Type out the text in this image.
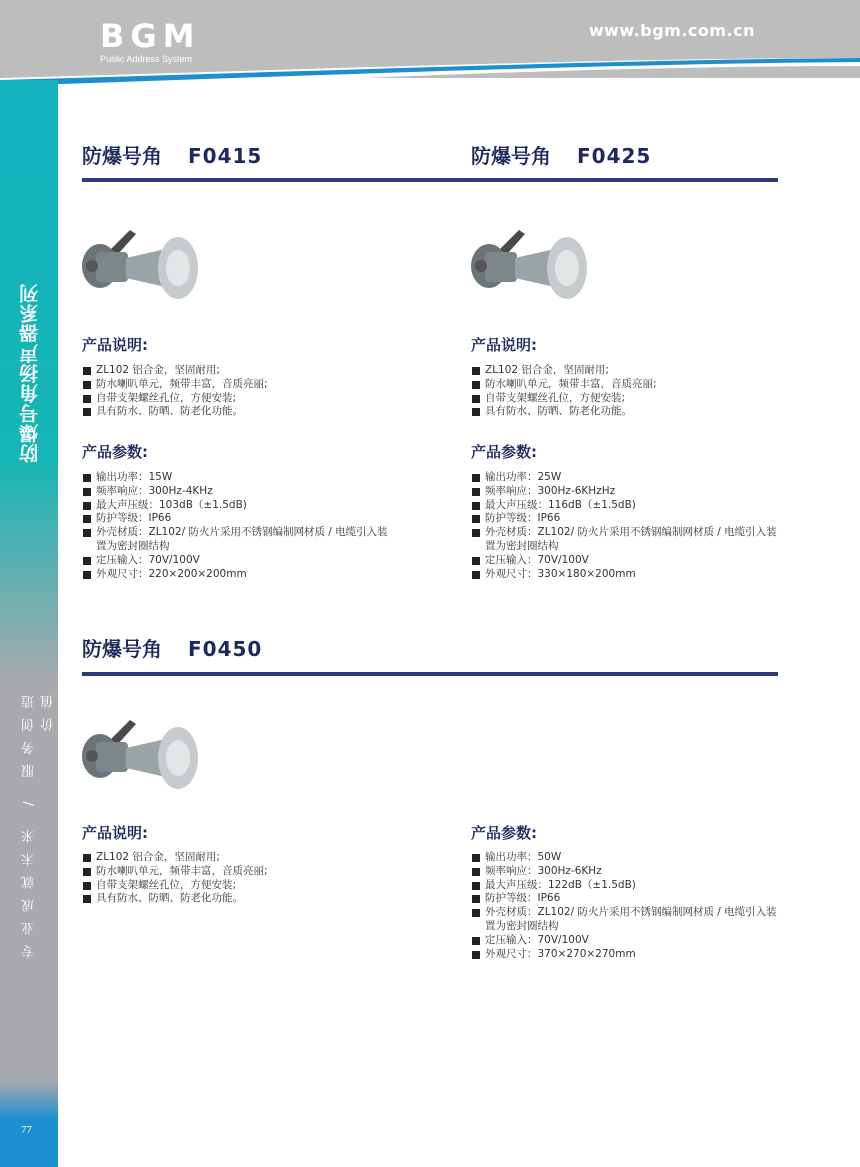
BGM
Public Address System
www.bgm.com.cn
防爆号角扬声器系列
专业成就未来 / 服务创造价值
77
防爆号角 F0415
产品说明:
ZL102 铝合金，坚固耐用;
防水喇叭单元，频带丰富，音质亮丽;
自带支架螺丝孔位，方便安装;
具有防水、防晒、防老化功能。
产品参数:
输出功率：15W
频率响应：300Hz-4KHz
最大声压级：103dB（±1.5dB)
防护等级：IP66
外壳材质：ZL102/ 防火片采用不锈钢编制网材质 / 电缆引入装置为密封圈结构
定压输入：70V/100V
外观尺寸：220×200×200mm
防爆号角 F0425
产品说明:
ZL102 铝合金，坚固耐用;
防水喇叭单元，频带丰富，音质亮丽;
自带支架螺丝孔位，方便安装;
具有防水、防晒、防老化功能。
产品参数:
输出功率：25W
频率响应：300Hz-6KHzHz
最大声压级：116dB（±1.5dB)
防护等级：IP66
外壳材质：ZL102/ 防火片采用不锈钢编制网材质 / 电缆引入装置为密封圈结构
定压输入：70V/100V
外观尺寸：330×180×200mm
防爆号角 F0450
产品说明:
ZL102 铝合金，坚固耐用;
防水喇叭单元，频带丰富，音质亮丽;
自带支架螺丝孔位，方便安装;
具有防水、防晒、防老化功能。
产品参数:
输出功率：50W
频率响应：300Hz-6KHz
最大声压级：122dB（±1.5dB)
防护等级：IP66
外壳材质：ZL102/ 防火片采用不锈钢编制网材质 / 电缆引入装置为密封圈结构
定压输入：70V/100V
外观尺寸：370×270×270mm
